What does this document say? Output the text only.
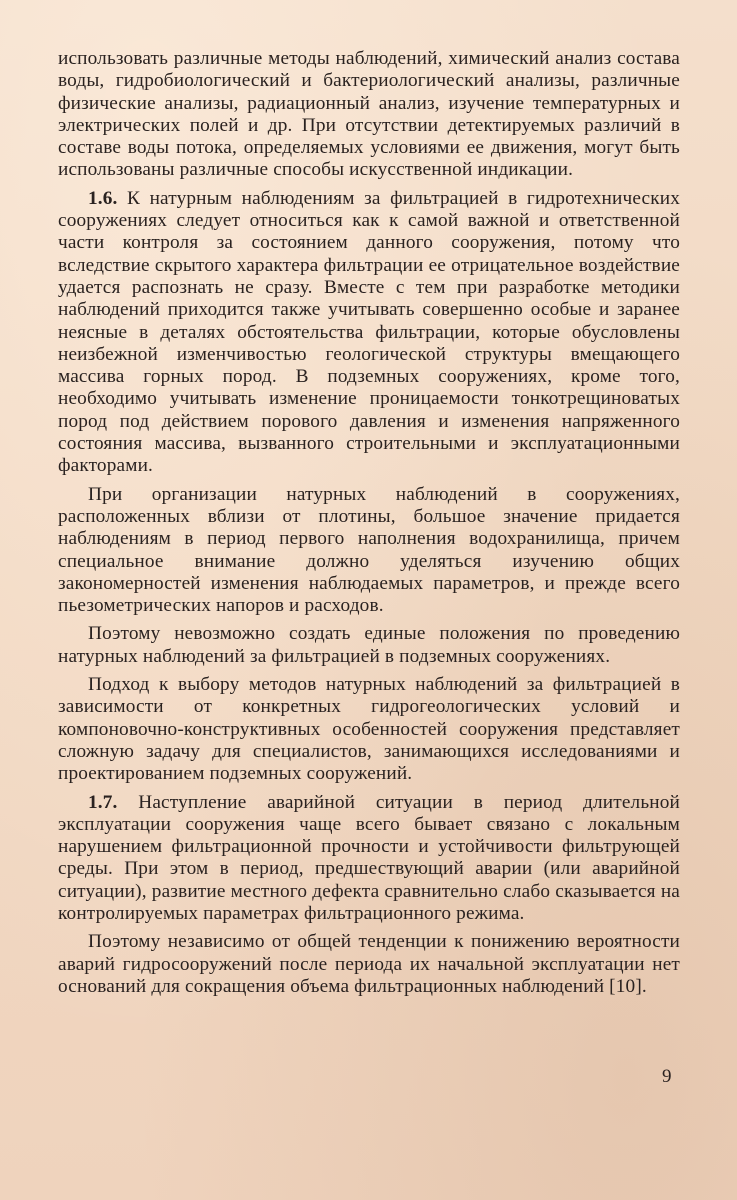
использовать различные методы наблюдений, химический анализ состава воды, гидробиологический и бактериологический анализы, различные физические анализы, радиационный анализ, изучение температурных и электрических полей и др. При отсутствии детектируемых различий в составе воды потока, определяемых условиями ее движения, могут быть использованы различные способы искусственной индикации.

1.6. К натурным наблюдениям за фильтрацией в гидротехнических сооружениях следует относиться как к самой важной и ответственной части контроля за состоянием данного сооружения, потому что вследствие скрытого характера фильтрации ее отрицательное воздействие удается распознать не сразу. Вместе с тем при разработке методики наблюдений приходится также учитывать совершенно особые и заранее неясные в деталях обстоятельства фильтрации, которые обусловлены неизбежной изменчивостью геологической структуры вмещающего массива горных пород. В подземных сооружениях, кроме того, необходимо учитывать изменение проницаемости тонкотрещиноватых пород под действием порового давления и изменения напряженного состояния массива, вызванного строительными и эксплуатационными факторами.

При организации натурных наблюдений в сооружениях, расположенных вблизи от плотины, большое значение придается наблюдениям в период первого наполнения водохранилища, причем специальное внимание должно уделяться изучению общих закономерностей изменения наблюдаемых параметров, и прежде всего пьезометрических напоров и расходов.

Поэтому невозможно создать единые положения по проведению натурных наблюдений за фильтрацией в подземных сооружениях.

Подход к выбору методов натурных наблюдений за фильтрацией в зависимости от конкретных гидрогеологических условий и компоновочно-конструктивных особенностей сооружения представляет сложную задачу для специалистов, занимающихся исследованиями и проектированием подземных сооружений.

1.7. Наступление аварийной ситуации в период длительной эксплуатации сооружения чаще всего бывает связано с локальным нарушением фильтрационной прочности и устойчивости фильтрующей среды. При этом в период, предшествующий аварии (или аварийной ситуации), развитие местного дефекта сравнительно слабо сказывается на контролируемых параметрах фильтрационного режима.

Поэтому независимо от общей тенденции к понижению вероятности аварий гидросооружений после периода их начальной эксплуатации нет оснований для сокращения объема фильтрационных наблюдений [10].

9
